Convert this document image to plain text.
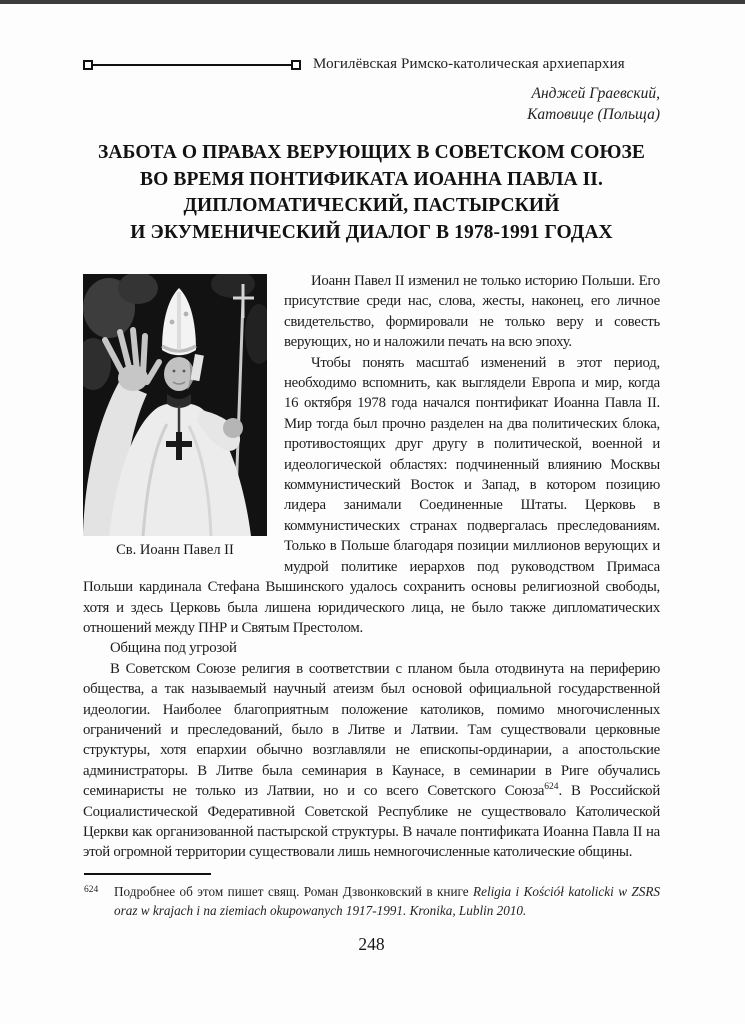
Могилёвская Римско-католическая архиепархия
Анджей Граевский,
Катовице (Польща)
ЗАБОТА О ПРАВАХ ВЕРУЮЩИХ В СОВЕТСКОМ СОЮЗЕ
ВО ВРЕМЯ ПОНТИФИКАТА ИОАННА ПАВЛА II.
ДИПЛОМАТИЧЕСКИЙ, ПАСТЫРСКИЙ
И ЭКУМЕНИЧЕСКИЙ ДИАЛОГ В 1978-1991 ГОДАХ
Св. Иоанн Павел II

Иоанн Павел II изменил не только историю Польши. Его присутствие среди нас, слова, жесты, наконец, его личное свидетельство, формировали не только веру и совесть верующих, но и наложили печать на всю эпоху.

Чтобы понять масштаб изменений в этот период, необходимо вспомнить, как выглядели Европа и мир, когда 16 октября 1978 года начался понтификат Иоанна Павла II. Мир тогда был прочно разделен на два политических блока, противостоящих друг другу в политической, военной и идеологической областях: подчиненный влиянию Москвы коммунистический Восток и Запад, в котором позицию лидера занимали Соединенные Штаты. Церковь в коммунистических странах подвергалась преследованиям. Только в Польше благодаря позиции миллионов верующих и мудрой политике иерархов под руководством Примаса Польши кардинала Стефана Вышинского удалось сохранить основы религиозной свободы, хотя и здесь Церковь была лишена юридического лица, не было также дипломатических отношений между ПНР и Святым Престолом.

Община под угрозой

В Советском Союзе религия в соответствии с планом была отодвинута на периферию общества, а так называемый научный атеизм был основой официальной государственной идеологии. Наиболее благоприятным положение католиков, помимо многочисленных ограничений и преследований, было в Литве и Латвии. Там существовали церковные структуры, хотя епархии обычно возглавляли не епископы-ординарии, а апостольские администраторы. В Литве была семинария в Каунасе, в семинарии в Риге обучались семинаристы не только из Латвии, но и со всего Советского Союза$^{624}$. В Российской Социалистической Федеративной Советской Республике не существовало Католической Церкви как организованной пастырской структуры. В начале понтификата Иоанна Павла II на этой огромной территории существовали лишь немногочисленные католические общины.

624 Подробнее об этом пишет свящ. Роман Дзвонковский в книге Religia i Kościół katolicki w ZSRS oraz w krajach i na ziemiach okupowanych 1917-1991. Kronika, Lublin 2010.
248
